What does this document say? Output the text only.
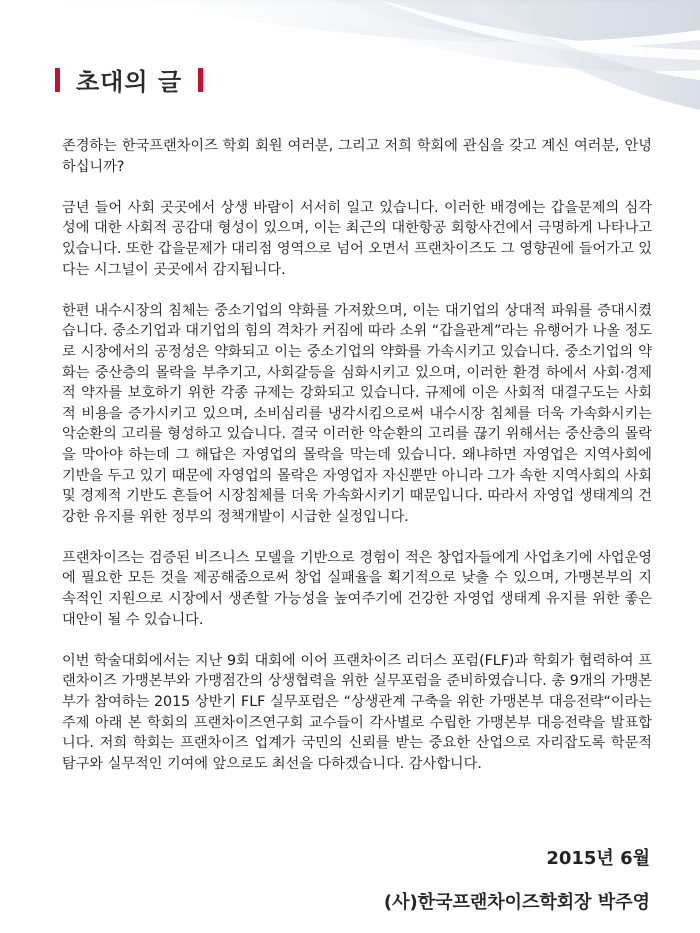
초대의 글

존경하는 한국프랜차이즈 학회 회원 여러분, 그리고 저희 학회에 관심을 갖고 계신 여러분, 안녕하십니까?

금년 들어 사회 곳곳에서 상생 바람이 서서히 일고 있습니다. 이러한 배경에는 갑을문제의 심각성에 대한 사회적 공감대 형성이 있으며, 이는 최근의 대한항공 회항사건에서 극명하게 나타나고 있습니다. 또한 갑을문제가 대리점 영역으로 넘어 오면서 프랜차이즈도 그 영향권에 들어가고 있다는 시그널이 곳곳에서 감지됩니다.

한편 내수시장의 침체는 중소기업의 약화를 가져왔으며, 이는 대기업의 상대적 파워를 증대시켰습니다. 중소기업과 대기업의 힘의 격차가 커짐에 따라 소위 “갑을관계”라는 유행어가 나올 정도로 시장에서의 공정성은 약화되고 이는 중소기업의 약화를 가속시키고 있습니다. 중소기업의 약화는 중산층의 몰락을 부추기고, 사회갈등을 심화시키고 있으며, 이러한 환경 하에서 사회·경제적 약자를 보호하기 위한 각종 규제는 강화되고 있습니다. 규제에 이은 사회적 대결구도는 사회적 비용을 증가시키고 있으며, 소비심리를 냉각시킴으로써 내수시장 침체를 더욱 가속화시키는 악순환의 고리를 형성하고 있습니다. 결국 이러한 악순환의 고리를 끊기 위해서는 중산층의 몰락을 막아야 하는데 그 해답은 자영업의 몰락을 막는데 있습니다. 왜냐하면 자영업은 지역사회에 기반을 두고 있기 때문에 자영업의 몰락은 자영업자 자신뿐만 아니라 그가 속한 지역사회의 사회 및 경제적 기반도 흔들어 시장침체를 더욱 가속화시키기 때문입니다. 따라서 자영업 생태계의 건강한 유지를 위한 정부의 정책개발이 시급한 실정입니다.

프랜차이즈는 검증된 비즈니스 모델을 기반으로 경험이 적은 창업자들에게 사업초기에 사업운영에 필요한 모든 것을 제공해줌으로써 창업 실패율을 획기적으로 낮출 수 있으며, 가맹본부의 지속적인 지원으로 시장에서 생존할 가능성을 높여주기에 건강한 자영업 생태계 유지를 위한 좋은 대안이 될 수 있습니다.

이번 학술대회에서는 지난 9회 대회에 이어 프랜차이즈 리더스 포럼(FLF)과 학회가 협력하여 프랜차이즈 가맹본부와 가맹점간의 상생협력을 위한 실무포럼을 준비하였습니다. 총 9개의 가맹본부가 참여하는 2015 상반기 FLF 실무포럼은 “상생관계 구축을 위한 가맹본부 대응전략“이라는 주제 아래 본 학회의 프랜차이즈연구회 교수들이 각사별로 수립한 가맹본부 대응전략을 발표합니다. 저희 학회는 프랜차이즈 업계가 국민의 신뢰를 받는 중요한 산업으로 자리잡도록 학문적 탐구와 실무적인 기여에 앞으로도 최선을 다하겠습니다. 감사합니다.

2015년 6월
(사)한국프랜차이즈학회장 박주영
